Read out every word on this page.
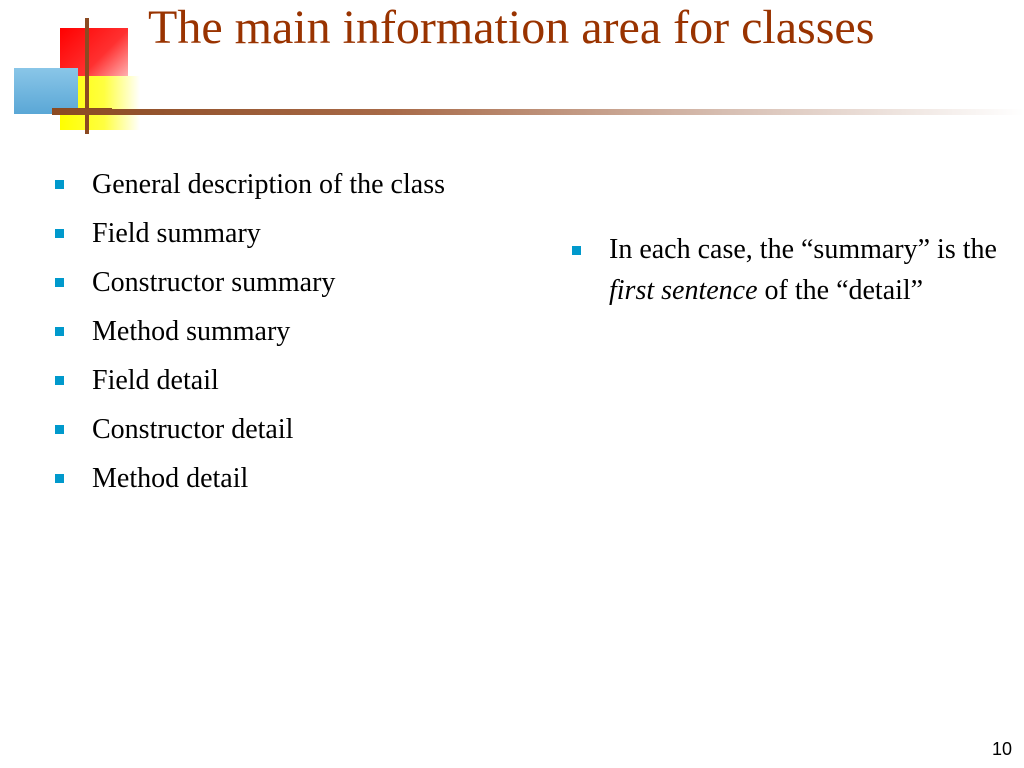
The main information area for classes
General description of the class
Field summary
Constructor summary
Method summary
Field detail
Constructor detail
Method detail
In each case, the “summary” is the first sentence of the “detail”
10
